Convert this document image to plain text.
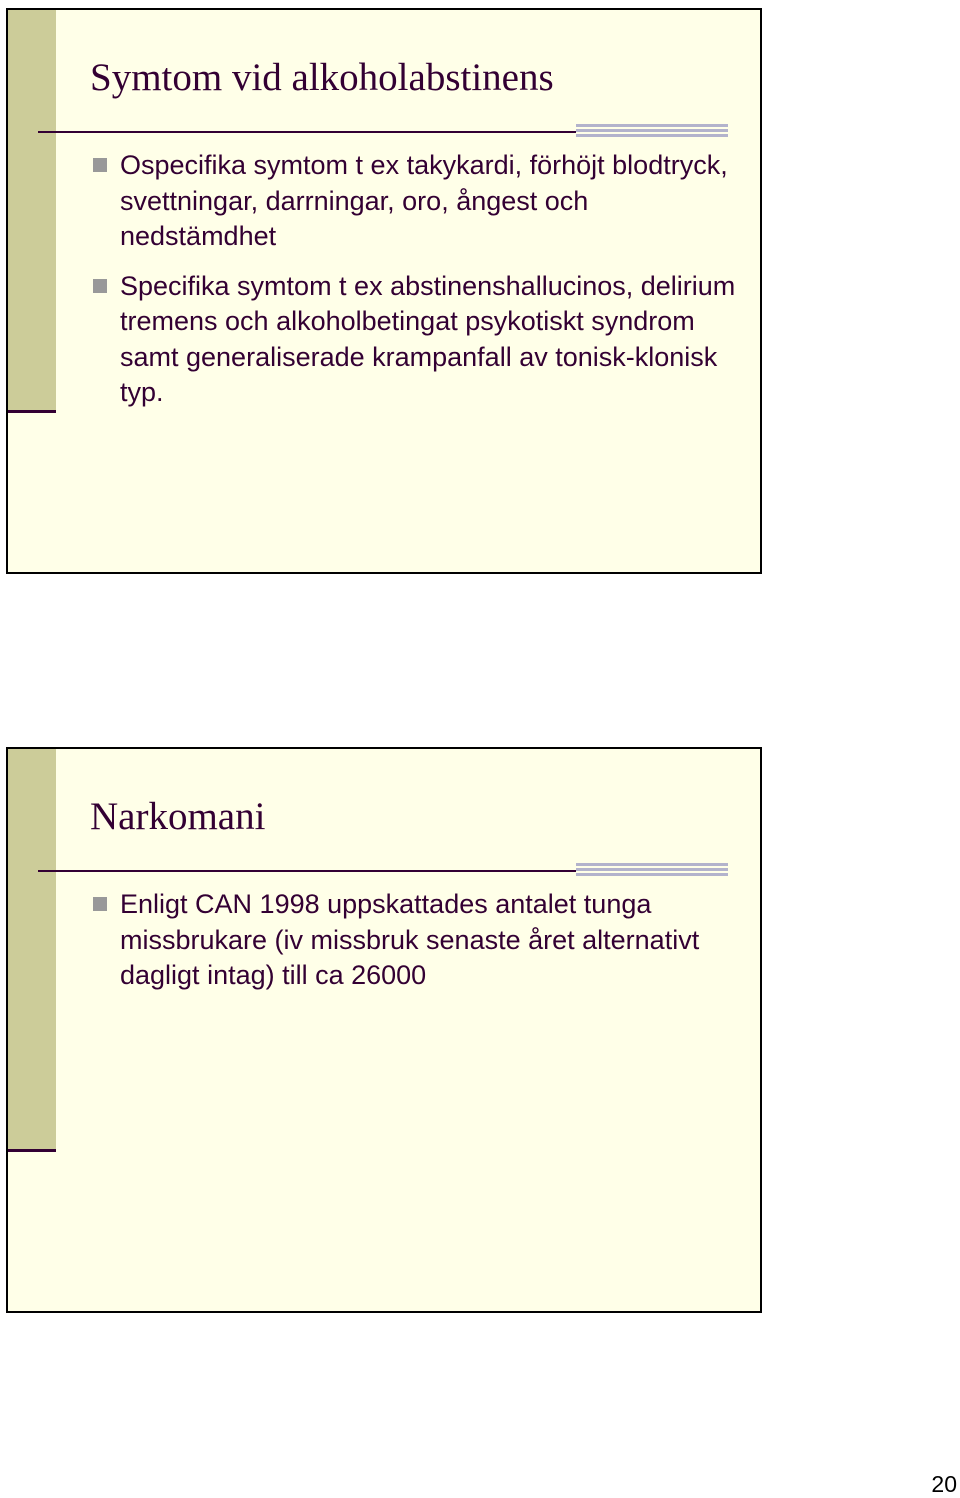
Symtom vid alkoholabstinens
Ospecifika symtom t ex takykardi, förhöjt blodtryck, svettningar, darrningar, oro, ångest och nedstämdhet
Specifika symtom t ex abstinenshallucinos, delirium tremens och alkoholbetingat psykotiskt syndrom samt generaliserade krampanfall av tonisk-klonisk typ.
Narkomani
Enligt CAN 1998 uppskattades antalet tunga missbrukare (iv missbruk senaste året alternativt dagligt intag) till ca 26000
20
